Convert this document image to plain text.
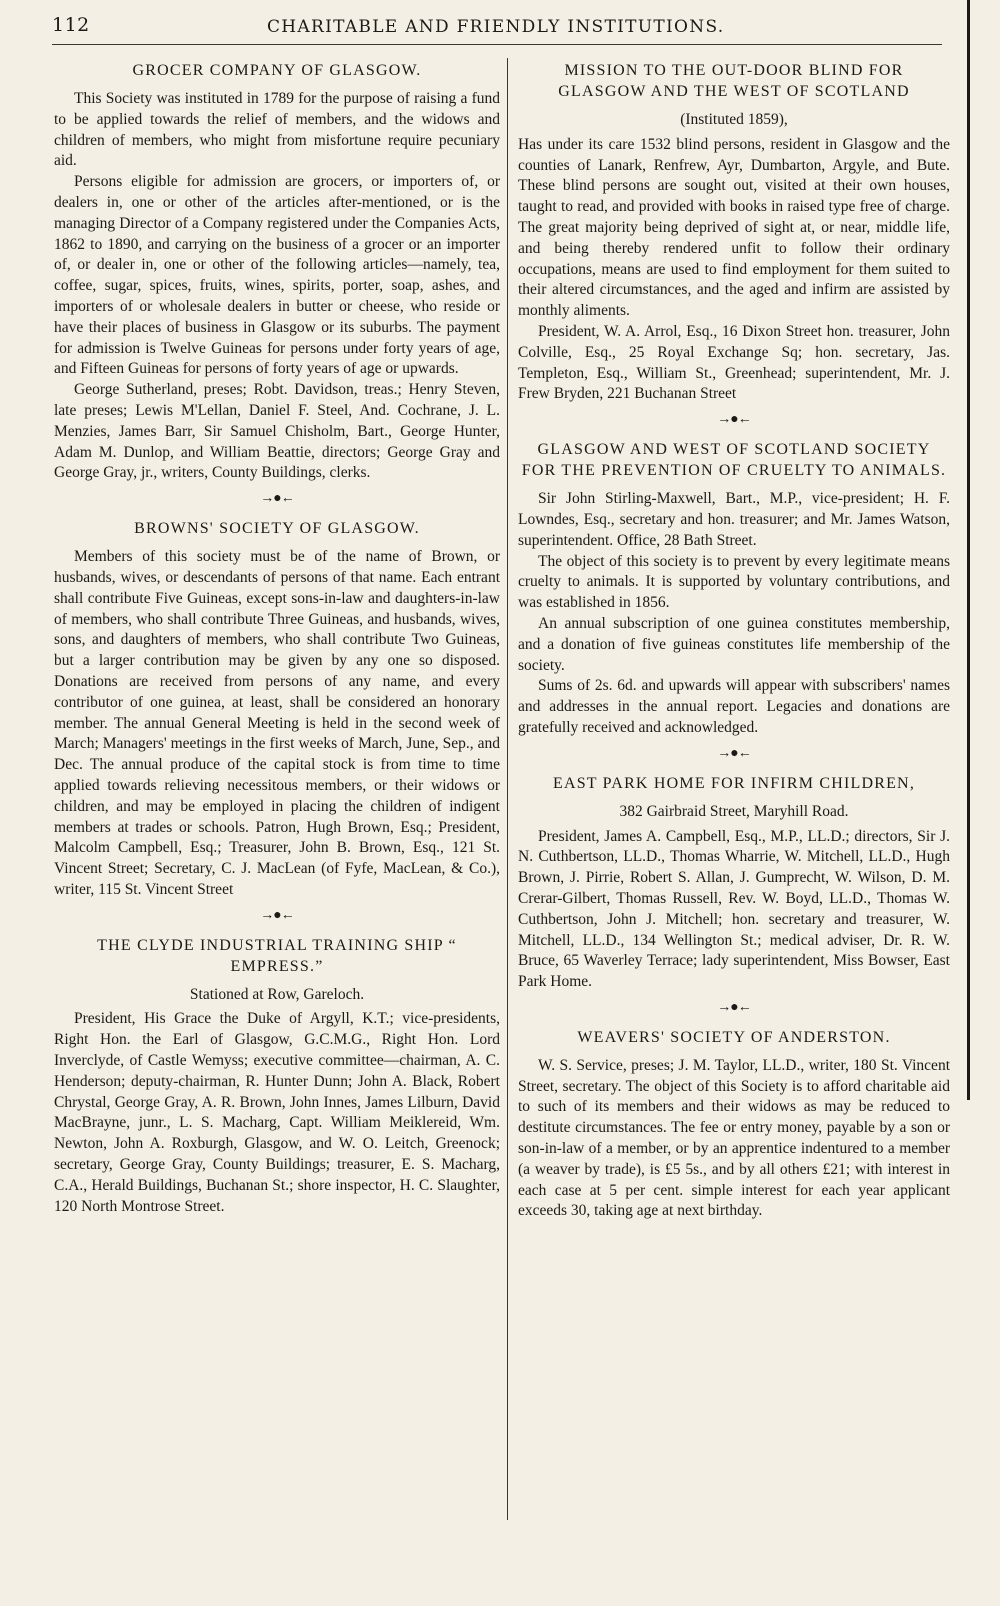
112	CHARITABLE AND FRIENDLY INSTITUTIONS.
GROCER COMPANY OF GLASGOW.

This Society was instituted in 1789 for the purpose of raising a fund to be applied towards the relief of members, and the widows and children of members, who might from misfortune require pecuniary aid.

Persons eligible for admission are grocers, or importers of, or dealers in, one or other of the articles after-mentioned, or is the managing Director of a Company registered under the Companies Acts, 1862 to 1890, and carrying on the business of a grocer or an importer of, or dealer in, one or other of the following articles—namely, tea, coffee, sugar, spices, fruits, wines, spirits, porter, soap, ashes, and importers of or wholesale dealers in butter or cheese, who reside or have their places of business in Glasgow or its suburbs. The payment for admission is Twelve Guineas for persons under forty years of age, and Fifteen Guineas for persons of forty years of age or upwards.

George Sutherland, preses; Robt. Davidson, treas.; Henry Steven, late preses; Lewis M'Lellan, Daniel F. Steel, And. Cochrane, J. L. Menzies, James Barr, Sir Samuel Chisholm, Bart., George Hunter, Adam M. Dunlop, and William Beattie, directors; George Gray and George Gray, jr., writers, County Buildings, clerks.

→●←
BROWNS' SOCIETY OF GLASGOW.

Members of this society must be of the name of Brown, or husbands, wives, or descendants of persons of that name. Each entrant shall contribute Five Guineas, except sons-in-law and daughters-in-law of members, who shall contribute Three Guineas, and husbands, wives, sons, and daughters of members, who shall contribute Two Guineas, but a larger contribution may be given by any one so disposed. Donations are received from persons of any name, and every contributor of one guinea, at least, shall be considered an honorary member. The annual General Meeting is held in the second week of March; Managers' meetings in the first weeks of March, June, Sep., and Dec. The annual produce of the capital stock is from time to time applied towards relieving necessitous members, or their widows or children, and may be employed in placing the children of indigent members at trades or schools. Patron, Hugh Brown, Esq.; President, Malcolm Campbell, Esq.; Treasurer, John B. Brown, Esq., 121 St. Vincent Street; Secretary, C. J. MacLean (of Fyfe, MacLean, & Co.), writer, 115 St. Vincent Street

→●←
THE CLYDE INDUSTRIAL TRAINING SHIP “ EMPRESS.”
Stationed at Row, Gareloch.

President, His Grace the Duke of Argyll, K.T.; vice-presidents, Right Hon. the Earl of Glasgow, G.C.M.G., Right Hon. Lord Inverclyde, of Castle Wemyss; executive committee—chairman, A. C. Henderson; deputy-chairman, R. Hunter Dunn; John A. Black, Robert Chrystal, George Gray, A. R. Brown, John Innes, James Lilburn, David MacBrayne, junr., L. S. Macharg, Capt. William Meiklereid, Wm. Newton, John A. Roxburgh, Glasgow, and W. O. Leitch, Greenock; secretary, George Gray, County Buildings; treasurer, E. S. Macharg, C.A., Herald Buildings, Buchanan St.; shore inspector, H. C. Slaughter, 120 North Montrose Street.

MISSION TO THE OUT-DOOR BLIND FOR GLASGOW AND THE WEST OF SCOTLAND
(Instituted 1859),

Has under its care 1532 blind persons, resident in Glasgow and the counties of Lanark, Renfrew, Ayr, Dumbarton, Argyle, and Bute. These blind persons are sought out, visited at their own houses, taught to read, and provided with books in raised type free of charge. The great majority being deprived of sight at, or near, middle life, and being thereby rendered unfit to follow their ordinary occupations, means are used to find employment for them suited to their altered circumstances, and the aged and infirm are assisted by monthly aliments.

President, W. A. Arrol, Esq., 16 Dixon Street hon. treasurer, John Colville, Esq., 25 Royal Exchange Sq; hon. secretary, Jas. Templeton, Esq., William St., Greenhead; superintendent, Mr. J. Frew Bryden, 221 Buchanan Street

→●←
GLASGOW AND WEST OF SCOTLAND SOCIETY FOR THE PREVENTION OF CRUELTY TO ANIMALS.

Sir John Stirling-Maxwell, Bart., M.P., vice-president; H. F. Lowndes, Esq., secretary and hon. treasurer; and Mr. James Watson, superintendent. Office, 28 Bath Street.

The object of this society is to prevent by every legitimate means cruelty to animals. It is supported by voluntary contributions, and was established in 1856.

An annual subscription of one guinea constitutes membership, and a donation of five guineas constitutes life membership of the society.

Sums of 2s. 6d. and upwards will appear with subscribers' names and addresses in the annual report. Legacies and donations are gratefully received and acknowledged.

→●←
EAST PARK HOME FOR INFIRM CHILDREN,
382 Gairbraid Street, Maryhill Road.

President, James A. Campbell, Esq., M.P., LL.D.; directors, Sir J. N. Cuthbertson, LL.D., Thomas Wharrie, W. Mitchell, LL.D., Hugh Brown, J. Pirrie, Robert S. Allan, J. Gumprecht, W. Wilson, D. M. Crerar-Gilbert, Thomas Russell, Rev. W. Boyd, LL.D., Thomas W. Cuthbertson, John J. Mitchell; hon. secretary and treasurer, W. Mitchell, LL.D., 134 Wellington St.; medical adviser, Dr. R. W. Bruce, 65 Waverley Terrace; lady superintendent, Miss Bowser, East Park Home.

→●←
WEAVERS' SOCIETY OF ANDERSTON.

W. S. Service, preses; J. M. Taylor, LL.D., writer, 180 St. Vincent Street, secretary. The object of this Society is to afford charitable aid to such of its members and their widows as may be reduced to destitute circumstances. The fee or entry money, payable by a son or son-in-law of a member, or by an apprentice indentured to a member (a weaver by trade), is £5 5s., and by all others £21; with interest in each case at 5 per cent. simple interest for each year applicant exceeds 30, taking age at next birthday.
